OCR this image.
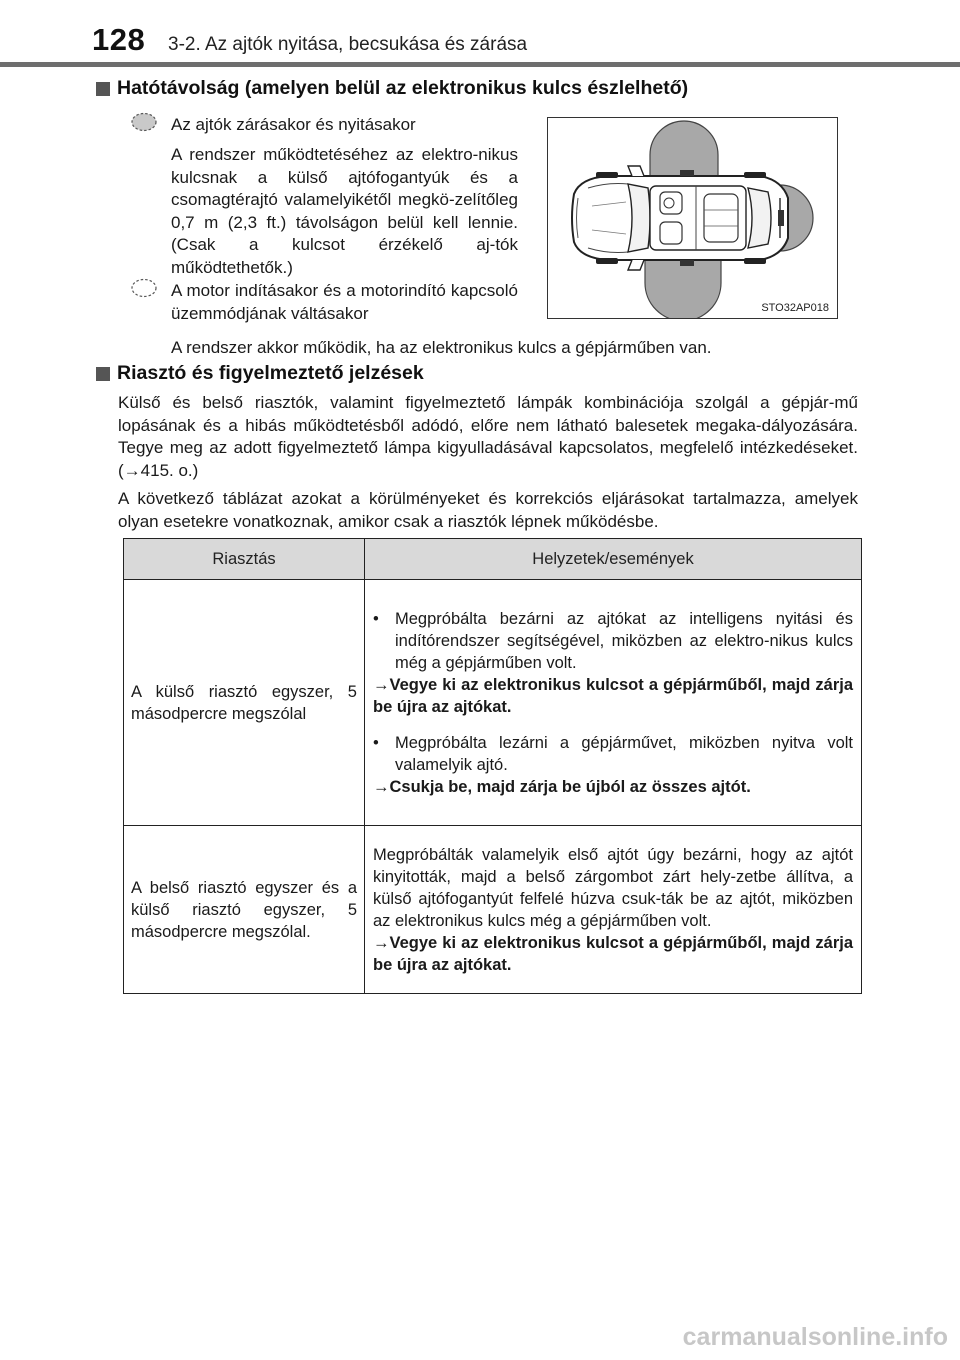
128 3-2. Az ajtók nyitása, becsukása és zárása
Hatótávolság (amelyen belül az elektronikus kulcs észlelhető)
Az ajtók zárásakor és nyitásakor
A rendszer működtetéséhez az elektro-nikus kulcsnak a külső ajtófogantyúk és a csomagtérajtó valamelyikétől megkö-zelítőleg 0,7 m (2,3 ft.) távolságon belül kell lennie. (Csak a kulcsot érzékelő aj-tók működtethetők.)
A motor indításakor és a motorindító kapcsoló üzemmódjának váltásakor
A rendszer akkor működik, ha az elektronikus kulcs a gépjárműben van.
STO32AP018
Riasztó és figyelmeztető jelzések
Külső és belső riasztók, valamint figyelmeztető lámpák kombinációja szolgál a gépjár-mű lopásának és a hibás működtetésből adódó, előre nem látható balesetek megaka-dályozására. Tegye meg az adott figyelmeztető lámpa kigyulladásával kapcsolatos, megfelelő intézkedéseket. (→415. o.)
A következő táblázat azokat a körülményeket és korrekciós eljárásokat tartalmazza, amelyek olyan esetekre vonatkoznak, amikor csak a riasztók lépnek működésbe.
Riasztás	Helyzetek/események

A külső riasztó egyszer, 5 másodpercre megszólal	• Megpróbálta bezárni az ajtókat az intelligens nyitási és indítórendszer segítségével, miközben az elektro-nikus kulcs még a gépjárműben volt.
→Vegye ki az elektronikus kulcsot a gépjárműből, majd zárja be újra az ajtókat.
• Megpróbálta lezárni a gépjárművet, miközben nyitva volt valamelyik ajtó.
→Csukja be, majd zárja be újból az összes ajtót.

A belső riasztó egyszer és a külső riasztó egyszer, 5 másodpercre megszólal.	Megpróbálták valamelyik első ajtót úgy bezárni, hogy az ajtót kinyitották, majd a belső zárgombot zárt hely-zetbe állítva, a külső ajtófogantyút felfelé húzva csuk-ták be az ajtót, miközben az elektronikus kulcs még a gépjárműben volt.
→Vegye ki az elektronikus kulcsot a gépjárműből, majd zárja be újra az ajtókat.
carmanualsonline.info
